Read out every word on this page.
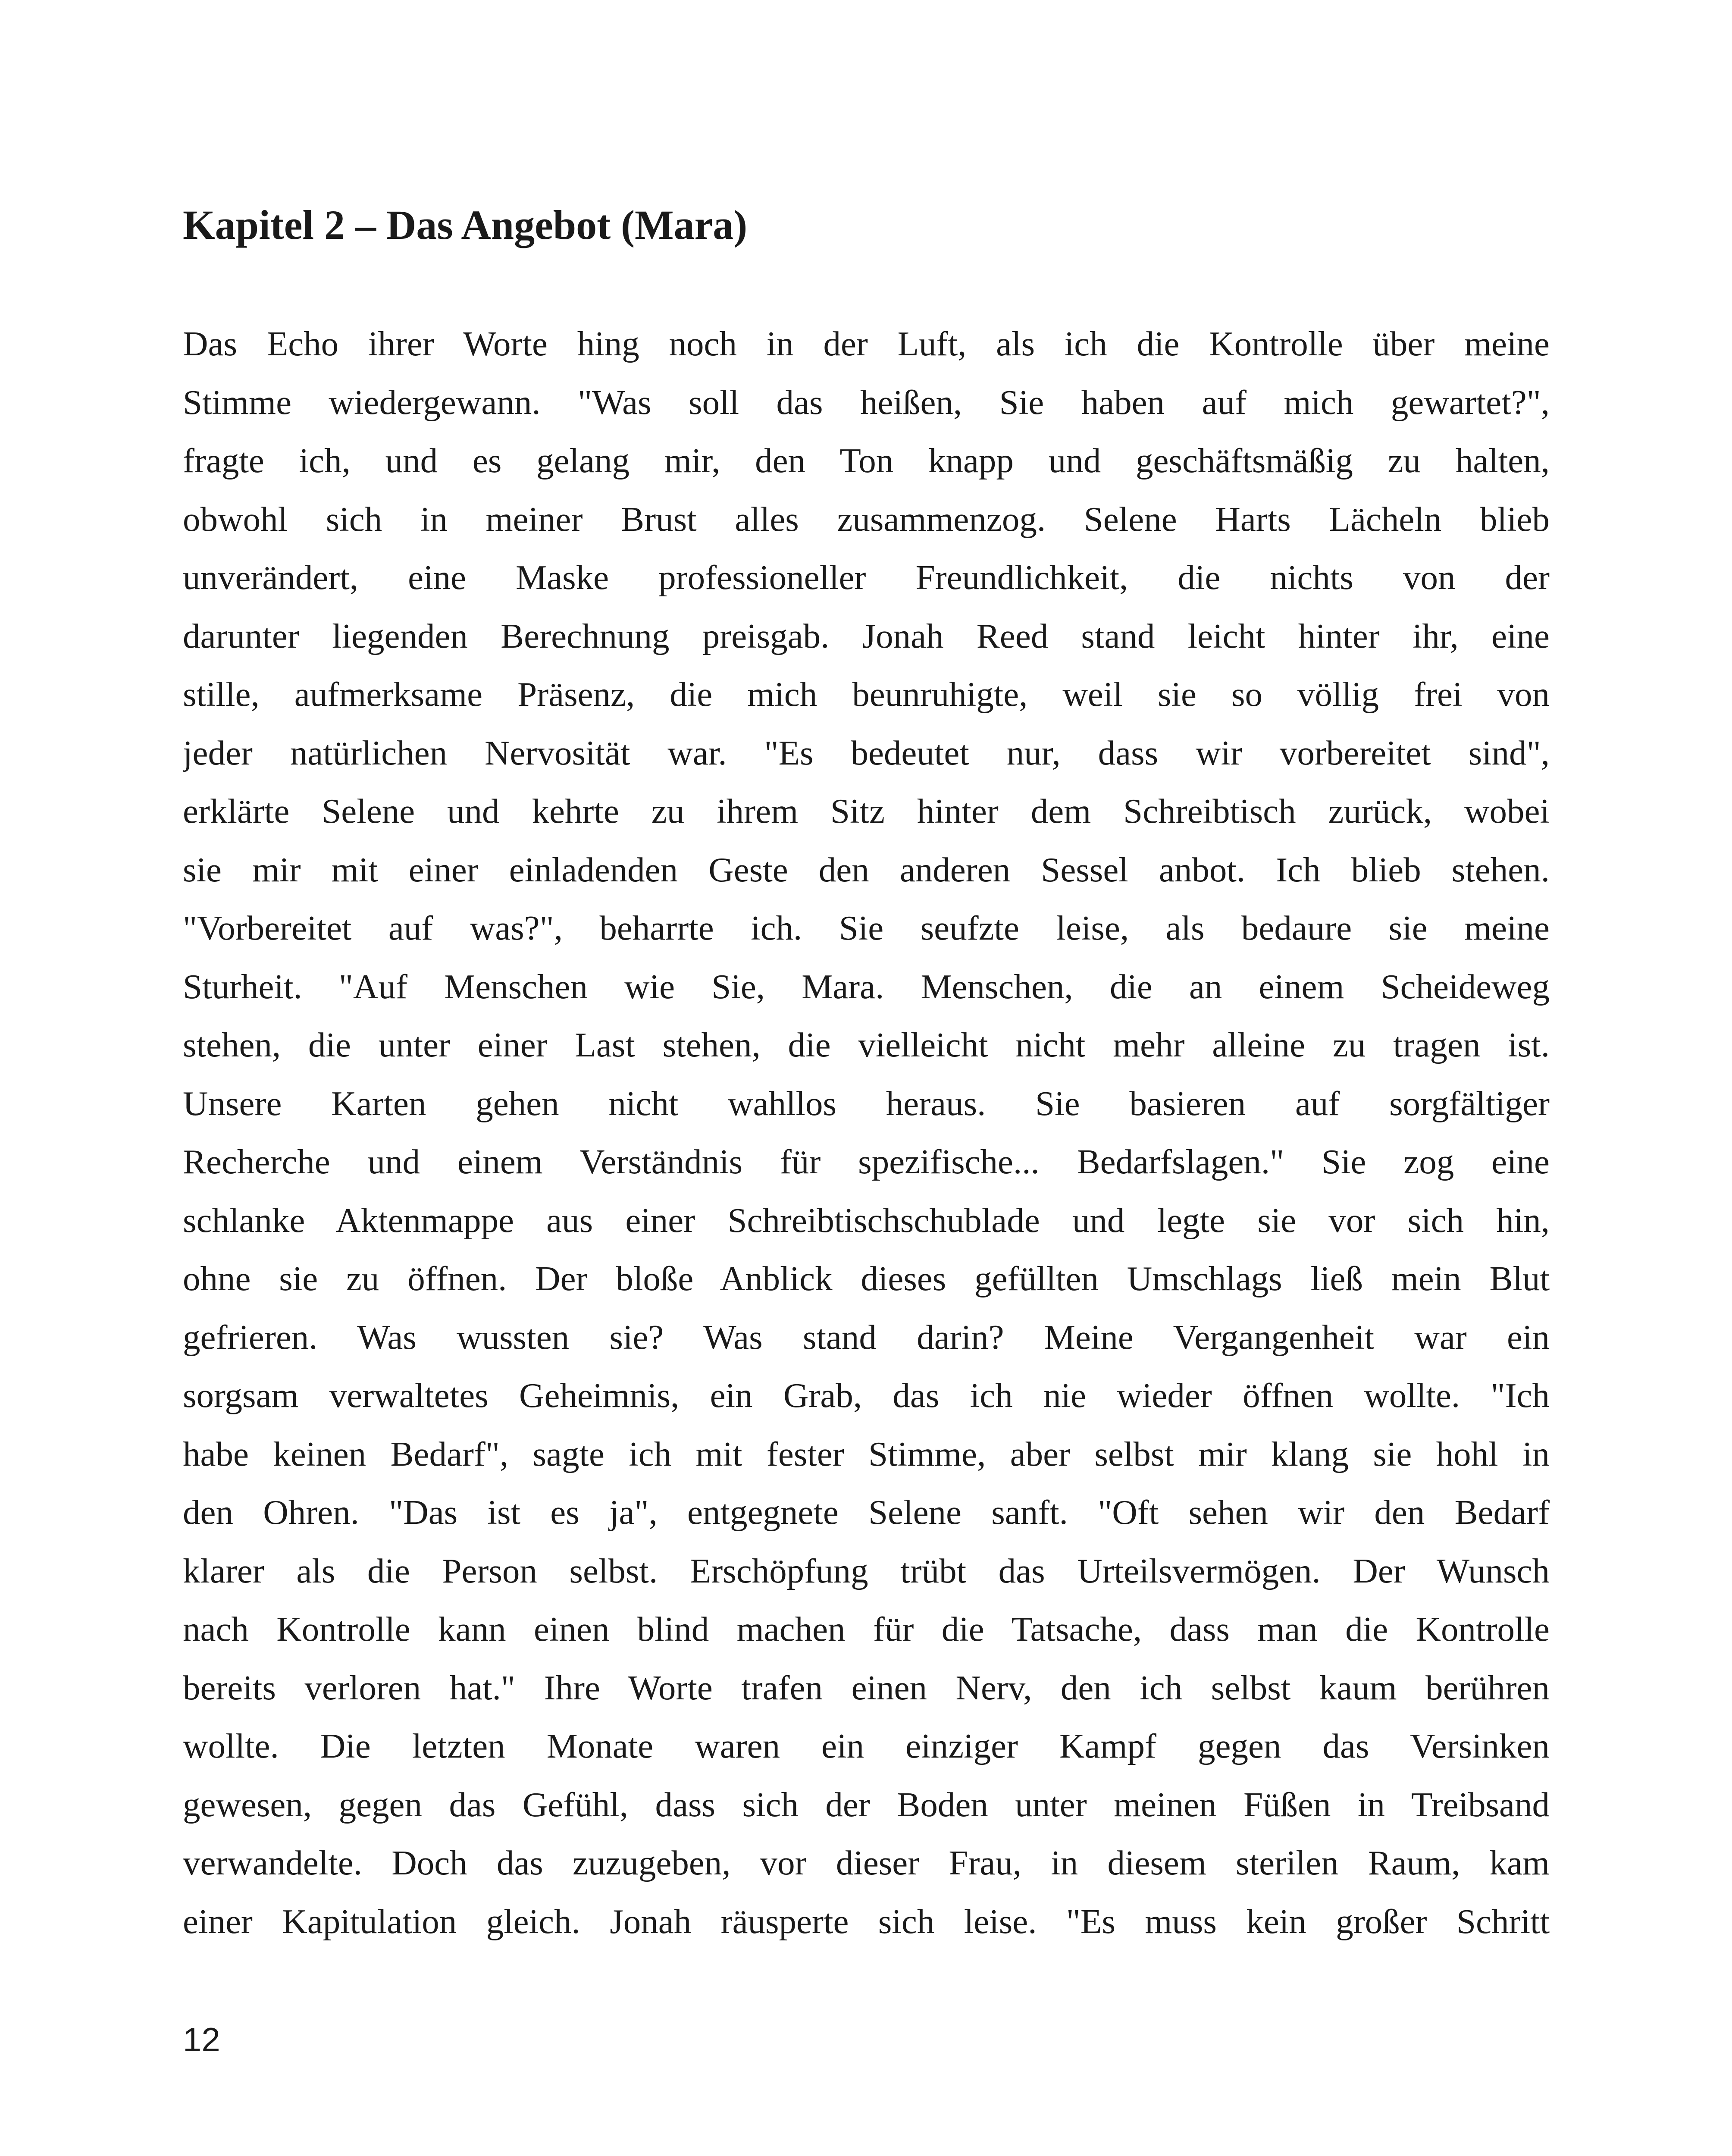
Kapitel 2 – Das Angebot (Mara)
Das Echo ihrer Worte hing noch in der Luft, als ich die Kontrolle über meine
Stimme wiedergewann. "Was soll das heißen, Sie haben auf mich gewartet?",
fragte ich, und es gelang mir, den Ton knapp und geschäftsmäßig zu halten,
obwohl sich in meiner Brust alles zusammenzog. Selene Harts Lächeln blieb
unverändert, eine Maske professioneller Freundlichkeit, die nichts von der
darunter liegenden Berechnung preisgab. Jonah Reed stand leicht hinter ihr, eine
stille, aufmerksame Präsenz, die mich beunruhigte, weil sie so völlig frei von
jeder natürlichen Nervosität war. "Es bedeutet nur, dass wir vorbereitet sind",
erklärte Selene und kehrte zu ihrem Sitz hinter dem Schreibtisch zurück, wobei
sie mir mit einer einladenden Geste den anderen Sessel anbot. Ich blieb stehen.
"Vorbereitet auf was?", beharrte ich. Sie seufzte leise, als bedaure sie meine
Sturheit. "Auf Menschen wie Sie, Mara. Menschen, die an einem Scheideweg
stehen, die unter einer Last stehen, die vielleicht nicht mehr alleine zu tragen ist.
Unsere Karten gehen nicht wahllos heraus. Sie basieren auf sorgfältiger
Recherche und einem Verständnis für spezifische... Bedarfslagen." Sie zog eine
schlanke Aktenmappe aus einer Schreibtischschublade und legte sie vor sich hin,
ohne sie zu öffnen. Der bloße Anblick dieses gefüllten Umschlags ließ mein Blut
gefrieren. Was wussten sie? Was stand darin? Meine Vergangenheit war ein
sorgsam verwaltetes Geheimnis, ein Grab, das ich nie wieder öffnen wollte. "Ich
habe keinen Bedarf", sagte ich mit fester Stimme, aber selbst mir klang sie hohl in
den Ohren. "Das ist es ja", entgegnete Selene sanft. "Oft sehen wir den Bedarf
klarer als die Person selbst. Erschöpfung trübt das Urteilsvermögen. Der Wunsch
nach Kontrolle kann einen blind machen für die Tatsache, dass man die Kontrolle
bereits verloren hat." Ihre Worte trafen einen Nerv, den ich selbst kaum berühren
wollte. Die letzten Monate waren ein einziger Kampf gegen das Versinken
gewesen, gegen das Gefühl, dass sich der Boden unter meinen Füßen in Treibsand
verwandelte. Doch das zuzugeben, vor dieser Frau, in diesem sterilen Raum, kam
einer Kapitulation gleich. Jonah räusperte sich leise. "Es muss kein großer Schritt
12
